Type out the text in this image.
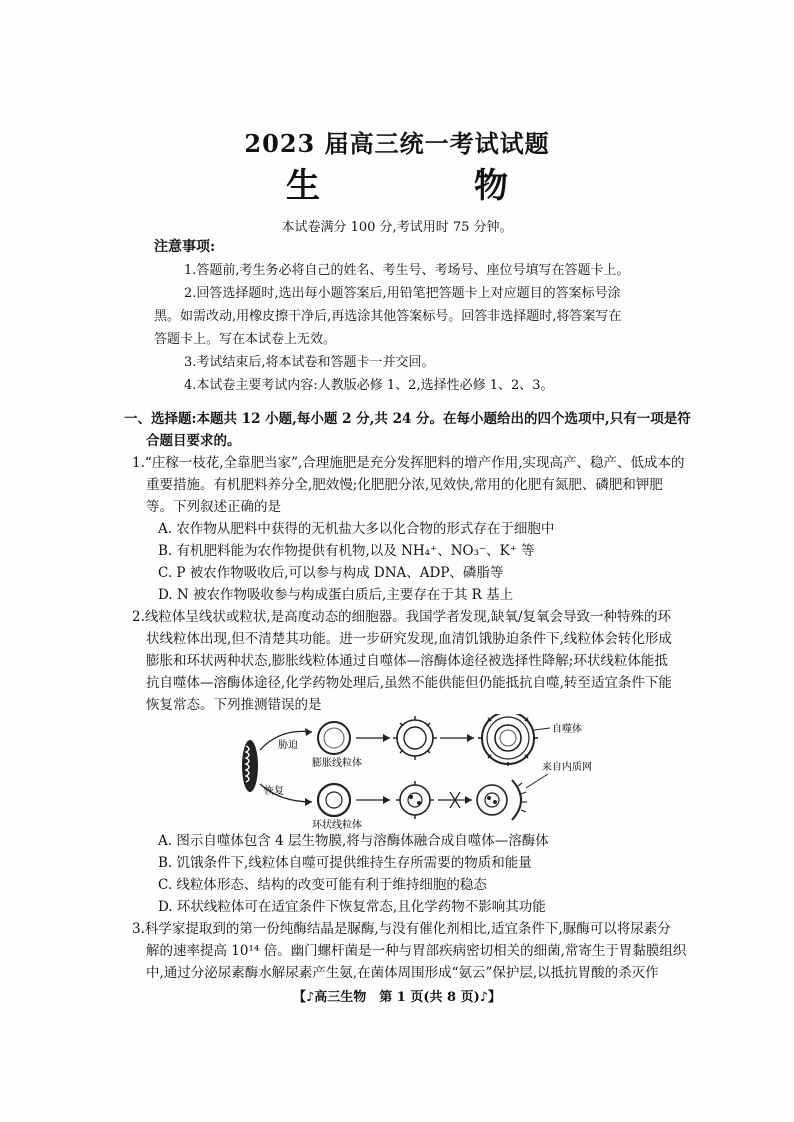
2023 届高三统一考试试题
生　物
本试卷满分 100 分,考试用时 75 分钟。
注意事项:
1.答题前,考生务必将自己的姓名、考生号、考场号、座位号填写在答题卡上。
2.回答选择题时,选出每小题答案后,用铅笔把答题卡上对应题目的答案标号涂
黑。如需改动,用橡皮擦干净后,再选涂其他答案标号。回答非选择题时,将答案写在
答题卡上。写在本试卷上无效。
3.考试结束后,将本试卷和答题卡一并交回。
4.本试卷主要考试内容:人教版必修 1、2,选择性必修 1、2、3。
一、选择题:本题共 12 小题,每小题 2 分,共 24 分。在每小题给出的四个选项中,只有一项是符
合题目要求的。
1.“庄稼一枝花,全靠肥当家”,合理施肥是充分发挥肥料的增产作用,实现高产、稳产、低成本的
重要措施。有机肥料养分全,肥效慢;化肥肥分浓,见效快,常用的化肥有氮肥、磷肥和钾肥
等。下列叙述正确的是
A. 农作物从肥料中获得的无机盐大多以化合物的形式存在于细胞中
B. 有机肥料能为农作物提供有机物,以及 NH₄⁺、NO₃⁻、K⁺ 等
C. P 被农作物吸收后,可以参与构成 DNA、ADP、磷脂等
D. N 被农作物吸收参与构成蛋白质后,主要存在于其 R 基上
2.线粒体呈线状或粒状,是高度动态的细胞器。我国学者发现,缺氧/复氧会导致一种特殊的环
状线粒体出现,但不清楚其功能。进一步研究发现,血清饥饿胁迫条件下,线粒体会转化形成
膨胀和环状两种状态,膨胀线粒体通过自噬体—溶酶体途径被选择性降解;环状线粒体能抵
抗自噬体—溶酶体途径,化学药物处理后,虽然不能供能但仍能抵抗自噬,转至适宜条件下能
恢复常态。下列推测错误的是
胁迫
恢复
膨胀线粒体
环状线粒体
自噬体
来自内质网
A. 图示自噬体包含 4 层生物膜,将与溶酶体融合成自噬体—溶酶体
B. 饥饿条件下,线粒体自噬可提供维持生存所需要的物质和能量
C. 线粒体形态、结构的改变可能有利于维持细胞的稳态
D. 环状线粒体可在适宜条件下恢复常态,且化学药物不影响其功能
3.科学家提取到的第一份纯酶结晶是脲酶,与没有催化剂相比,适宜条件下,脲酶可以将尿素分
解的速率提高 10¹⁴ 倍。幽门螺杆菌是一种与胃部疾病密切相关的细菌,常寄生于胃黏膜组织
中,通过分泌尿素酶水解尿素产生氨,在菌体周围形成“氨云”保护层,以抵抗胃酸的杀灭作
【♪高三生物　第 1 页(共 8 页)♪】
